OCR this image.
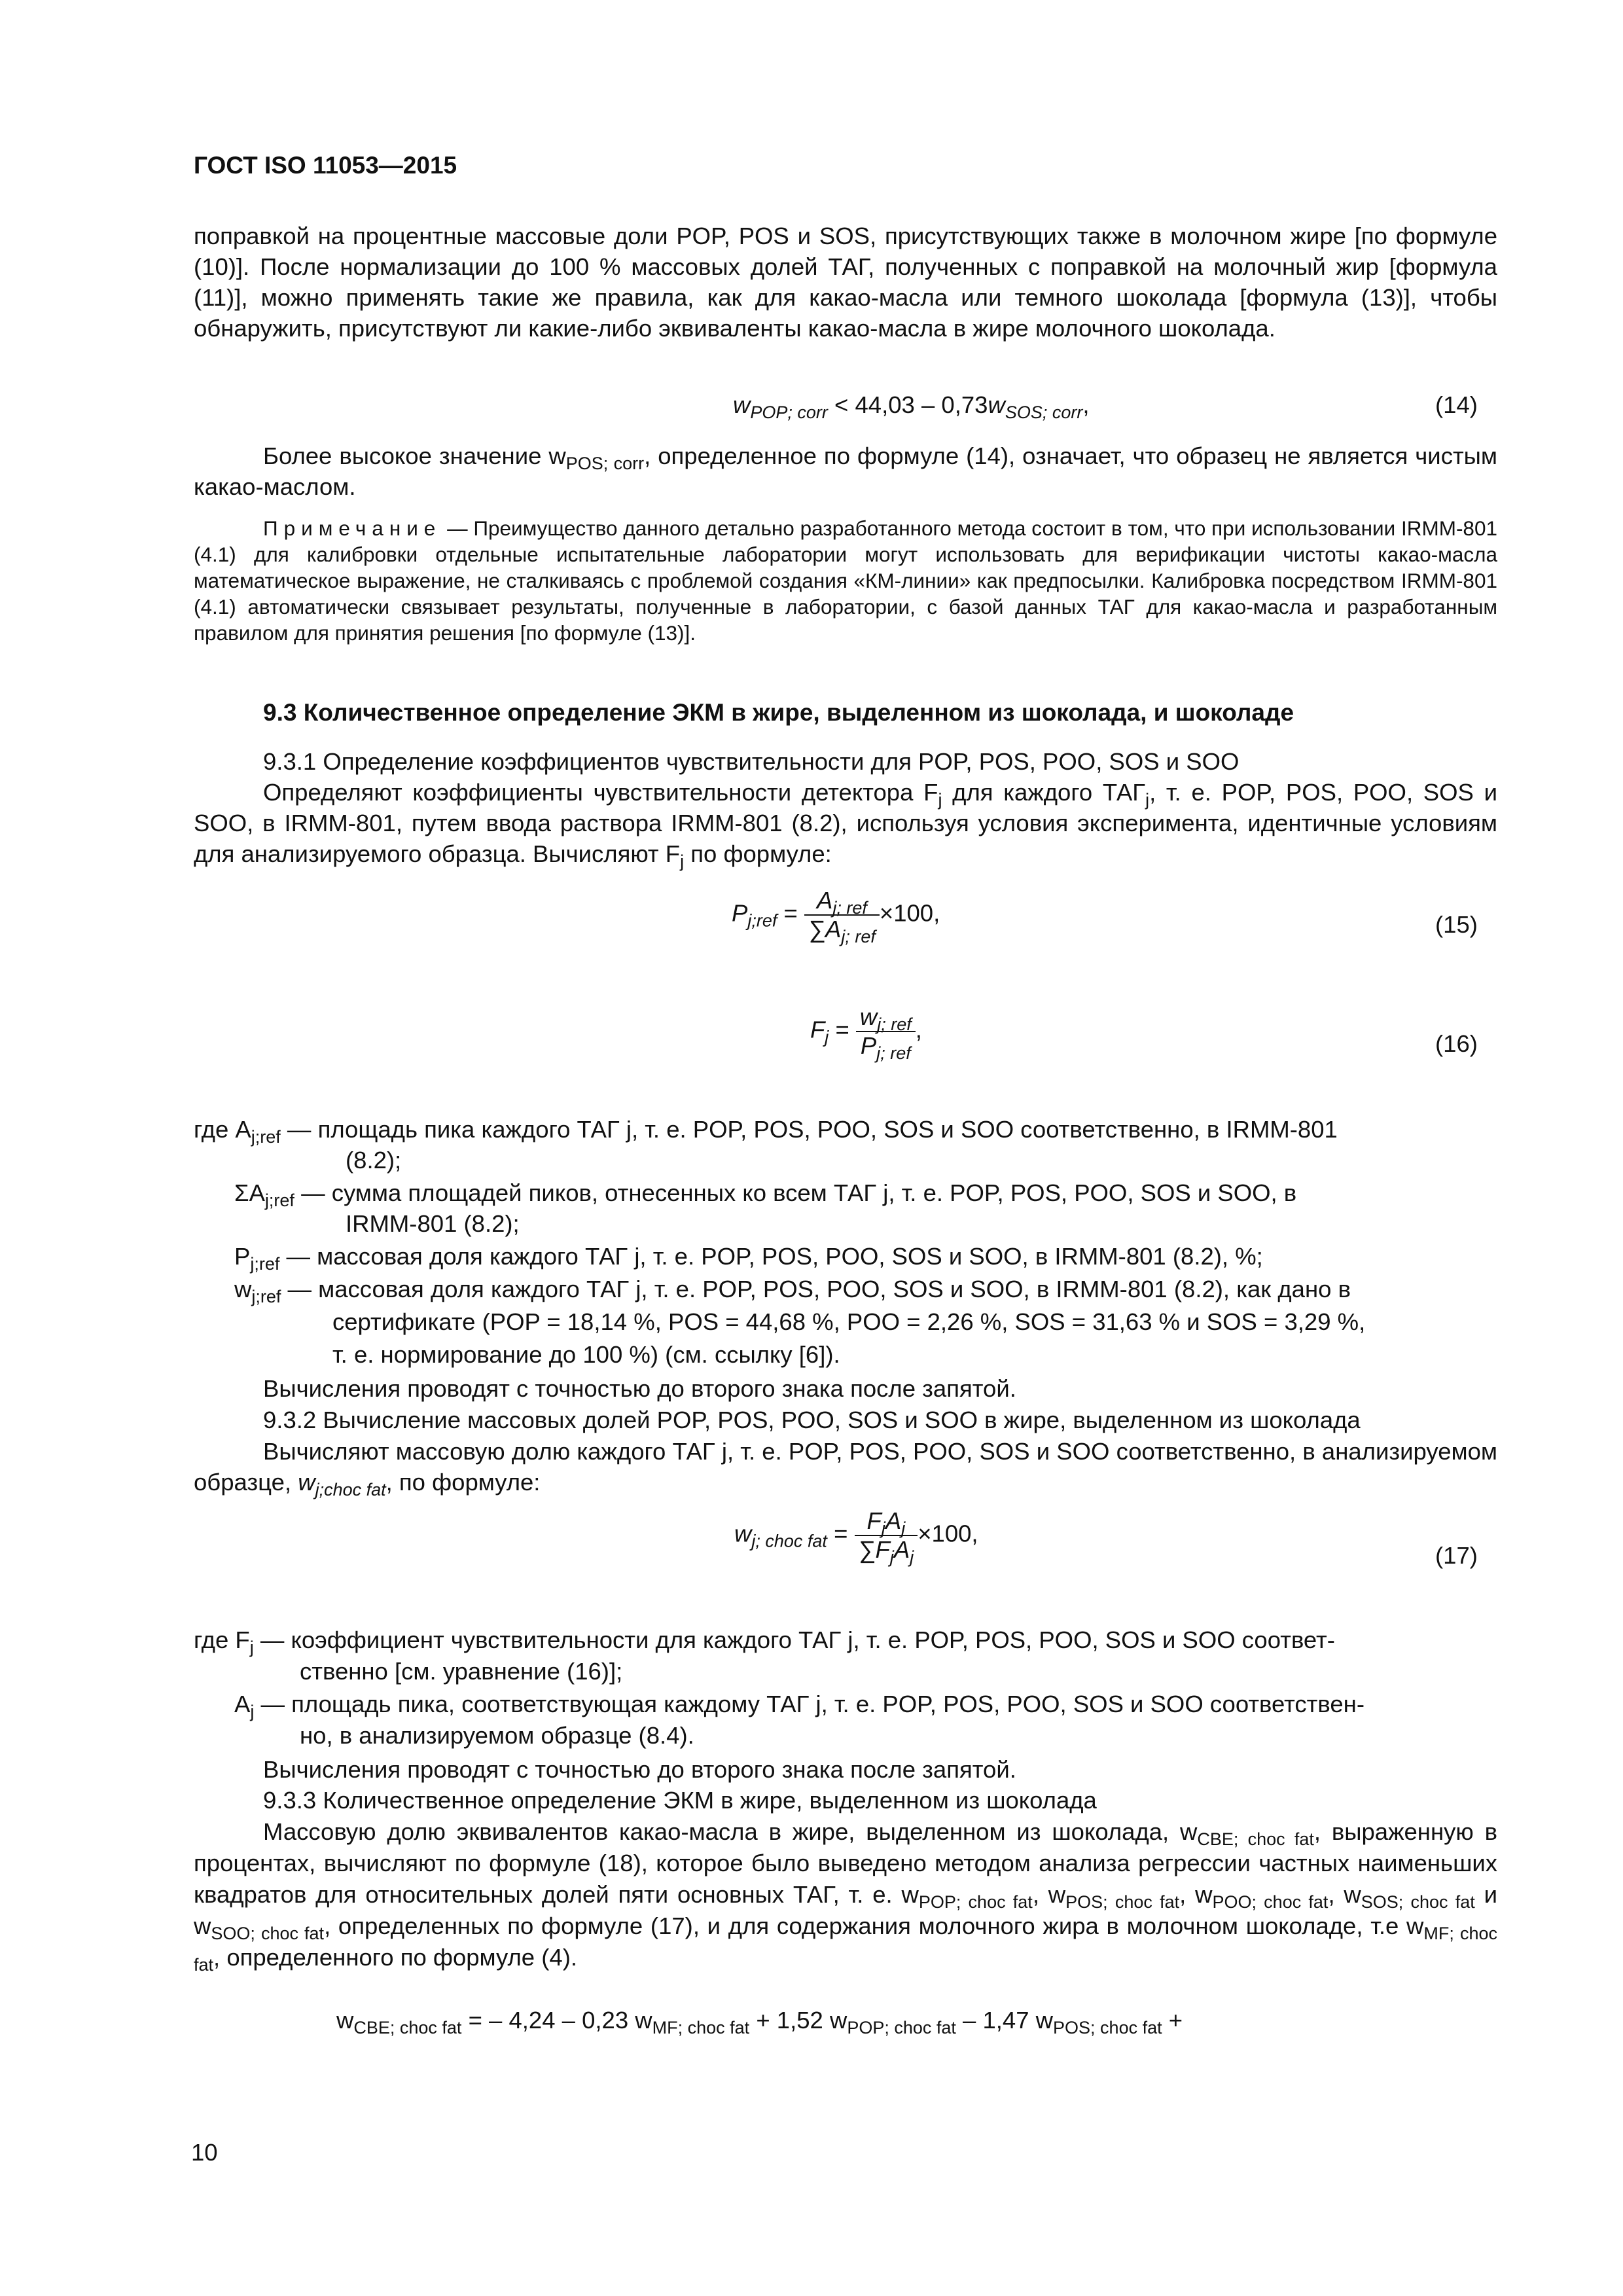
ГОСТ ISO 11053—2015

поправкой на процентные массовые доли POP, POS и SOS, присутствующих также в молочном жире [по формуле (10)]. После нормализации до 100 % массовых долей ТАГ, полученных с поправкой на молочный жир [формула (11)], можно применять такие же правила, как для какао-масла или темного шоколада [формула (13)], чтобы обнаружить, присутствуют ли какие-либо эквиваленты какао-масла в жире молочного шоколада.

$w_{POP; corr} < 44,03 - 0,73w_{SOS; corr}$,	(14)

Более высокое значение $w_{POS; corr}$, определенное по формуле (14), означает, что образец не является чистым какао-маслом.

Примечание — Преимущество данного детально разработанного метода состоит в том, что при использовании IRMM-801 (4.1) для калибровки отдельные испытательные лаборатории могут использовать для верификации чистоты какао-масла математическое выражение, не сталкиваясь с проблемой создания «КМ-линии» как предпосылки. Калибровка посредством IRMM-801 (4.1) автоматически связывает результаты, полученные в лаборатории, с базой данных ТАГ для какао-масла и разработанным правилом для принятия решения [по формуле (13)].

9.3 Количественное определение ЭКМ в жире, выделенном из шоколада, и шоколаде

9.3.1 Определение коэффициентов чувствительности для POP, POS, POO, SOS и SOO

Определяют коэффициенты чувствительности детектора $F_j$ для каждого $ТАГ_j$, т. е. POP, POS, POO, SOS и SOO, в IRMM-801, путем ввода раствора IRMM-801 (8.2), используя условия эксперимента, идентичные условиям для анализируемого образца. Вычисляют $F_j$ по формуле:

$P_{j;ref} = \frac{A_{j; ref}}{\sum A_{j; ref}} \times 100$,	(15)
$F_j = \frac{w_{j; ref}}{P_{j; ref}}$ ,
(16)

где $A_{j;ref}$ — площадь пика каждого ТАГ j, т. е. POP, POS, POO, SOS и SOO соответственно, в IRMM-801

(8.2);

$\Sigma A_{j;ref}$ — сумма площадей пиков, отнесенных ко всем ТАГ j, т. е. POP, POS, POO, SOS и SOO, в

IRMM-801 (8.2);

$P_{j;ref}$ — массовая доля каждого ТАГ j, т. е. POP, POS, POO, SOS и SOO, в IRMM-801 (8.2), %;

$w_{j;ref}$ — массовая доля каждого ТАГ j, т. е. POP, POS, POO, SOS и SOO, в IRMM-801 (8.2), как дано в

сертификате (POP = 18,14 %, POS = 44,68 %, POO = 2,26 %, SOS = 31,63 % и SOS = 3,29 %,

т. е. нормирование до 100 %) (см. ссылку [6]).

Вычисления проводят с точностью до второго знака после запятой.

9.3.2 Вычисление массовых долей POP, POS, POO, SOS и SOO в жире, выделенном из шоколада

Вычисляют массовую долю каждого ТАГ j, т. е. POP, POS, POO, SOS и SOO соответственно, в анализируемом образце, $w_{j;choc fat}$, по формуле:

$w_{j; choc fat} = \frac{F_jA_j}{\sum F_jA_j} \times 100$,
(17)

где $F_j$ — коэффициент чувствительности для каждого ТАГ j, т. е. POP, POS, POO, SOS и SOO соответ-

ственно [см. уравнение (16)];

$A_j$ — площадь пика, соответствующая каждому ТАГ j, т. е. POP, POS, POO, SOS и SOO соответствен-

но, в анализируемом образце (8.4).

Вычисления проводят с точностью до второго знака после запятой.

9.3.3 Количественное определение ЭКМ в жире, выделенном из шоколада

Массовую долю эквивалентов какао-масла в жире, выделенном из шоколада, $w_{CBE; choc fat}$, выраженную в процентах, вычисляют по формуле (18), которое было выведено методом анализа регрессии частных наименьших квадратов для относительных долей пяти основных ТАГ, т. е. $w_{POP; choc fat}$, $w_{POS; choc fat}$, $w_{POO; choc fat}$, $w_{SOS; choc fat}$ и $w_{SOO; choc fat}$, определенных по формуле (17), и для содержания молочного жира в молочном шоколаде, т.е $w_{MF; choc fat}$, определенного по формуле (4).

$w_{CBE; choc fat}$ = – 4,24 – 0,23 $w_{MF; choc fat} + 1,52$ $w_{POP; choc fat} - 1,47$ $w_{POS; choc fat}$ +

10
